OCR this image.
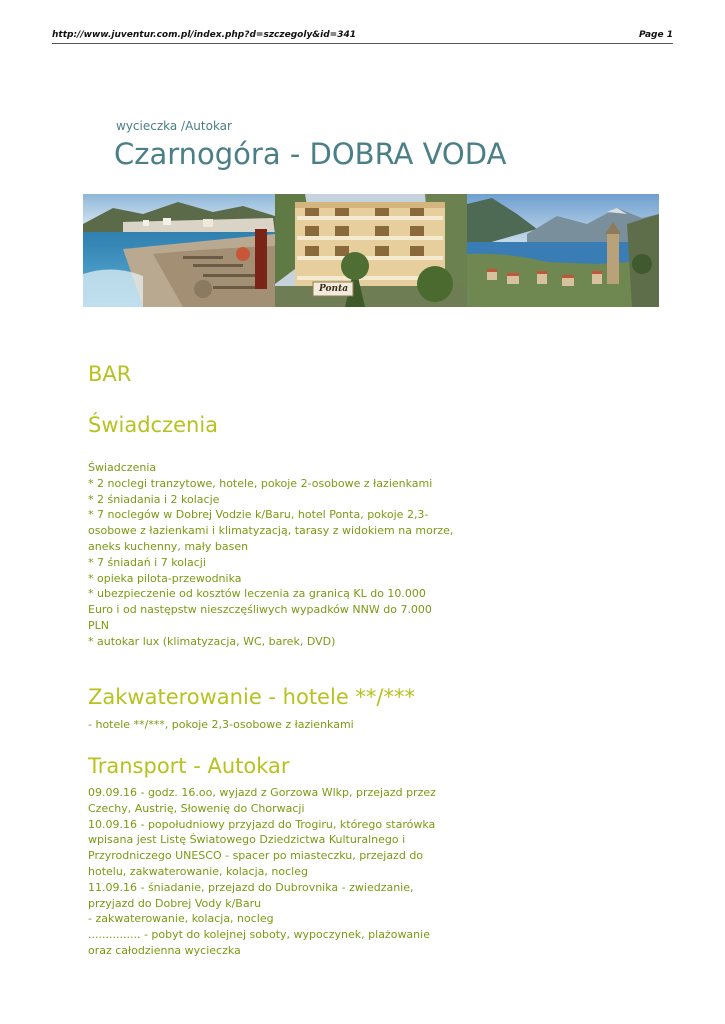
http://www.juventur.com.pl/index.php?d=szczegoly&id=341	Page 1
wycieczka /Autokar
Czarnogóra - DOBRA VODA
Ponta
BAR
Świadczenia
Świadczenia
* 2 noclegi tranzytowe, hotele, pokoje 2-osobowe z łazienkami
* 2 śniadania i 2 kolacje
* 7 noclegów w Dobrej Vodzie k/Baru, hotel Ponta, pokoje 2,3-
osobowe z łazienkami i klimatyzacją, tarasy z widokiem na morze,
aneks kuchenny, mały basen
* 7 śniadań i 7 kolacji
* opieka pilota-przewodnika
* ubezpieczenie od kosztów leczenia za granicą KL do 10.000
Euro i od następstw nieszczęśliwych wypadków NNW do 7.000
PLN
* autokar lux (klimatyzacja, WC, barek, DVD)
Zakwaterowanie - hotele **/***
- hotele **/***, pokoje 2,3-osobowe z łazienkami
Transport - Autokar
09.09.16 - godz. 16.oo, wyjazd z Gorzowa Wlkp, przejazd przez
Czechy, Austrię, Słowenię do Chorwacji
10.09.16 - popołudniowy przyjazd do Trogiru, którego starówka
wpisana jest Listę Światowego Dziedzictwa Kulturalnego i
Przyrodniczego UNESCO - spacer po miasteczku, przejazd do
hotelu, zakwaterowanie, kolacja, nocleg
11.09.16 - śniadanie, przejazd do Dubrovnika - zwiedzanie,
przyjazd do Dobrej Vody k/Baru
- zakwaterowanie, kolacja, nocleg
............... - pobyt do kolejnej soboty, wypoczynek, plażowanie
oraz całodzienna wycieczka
